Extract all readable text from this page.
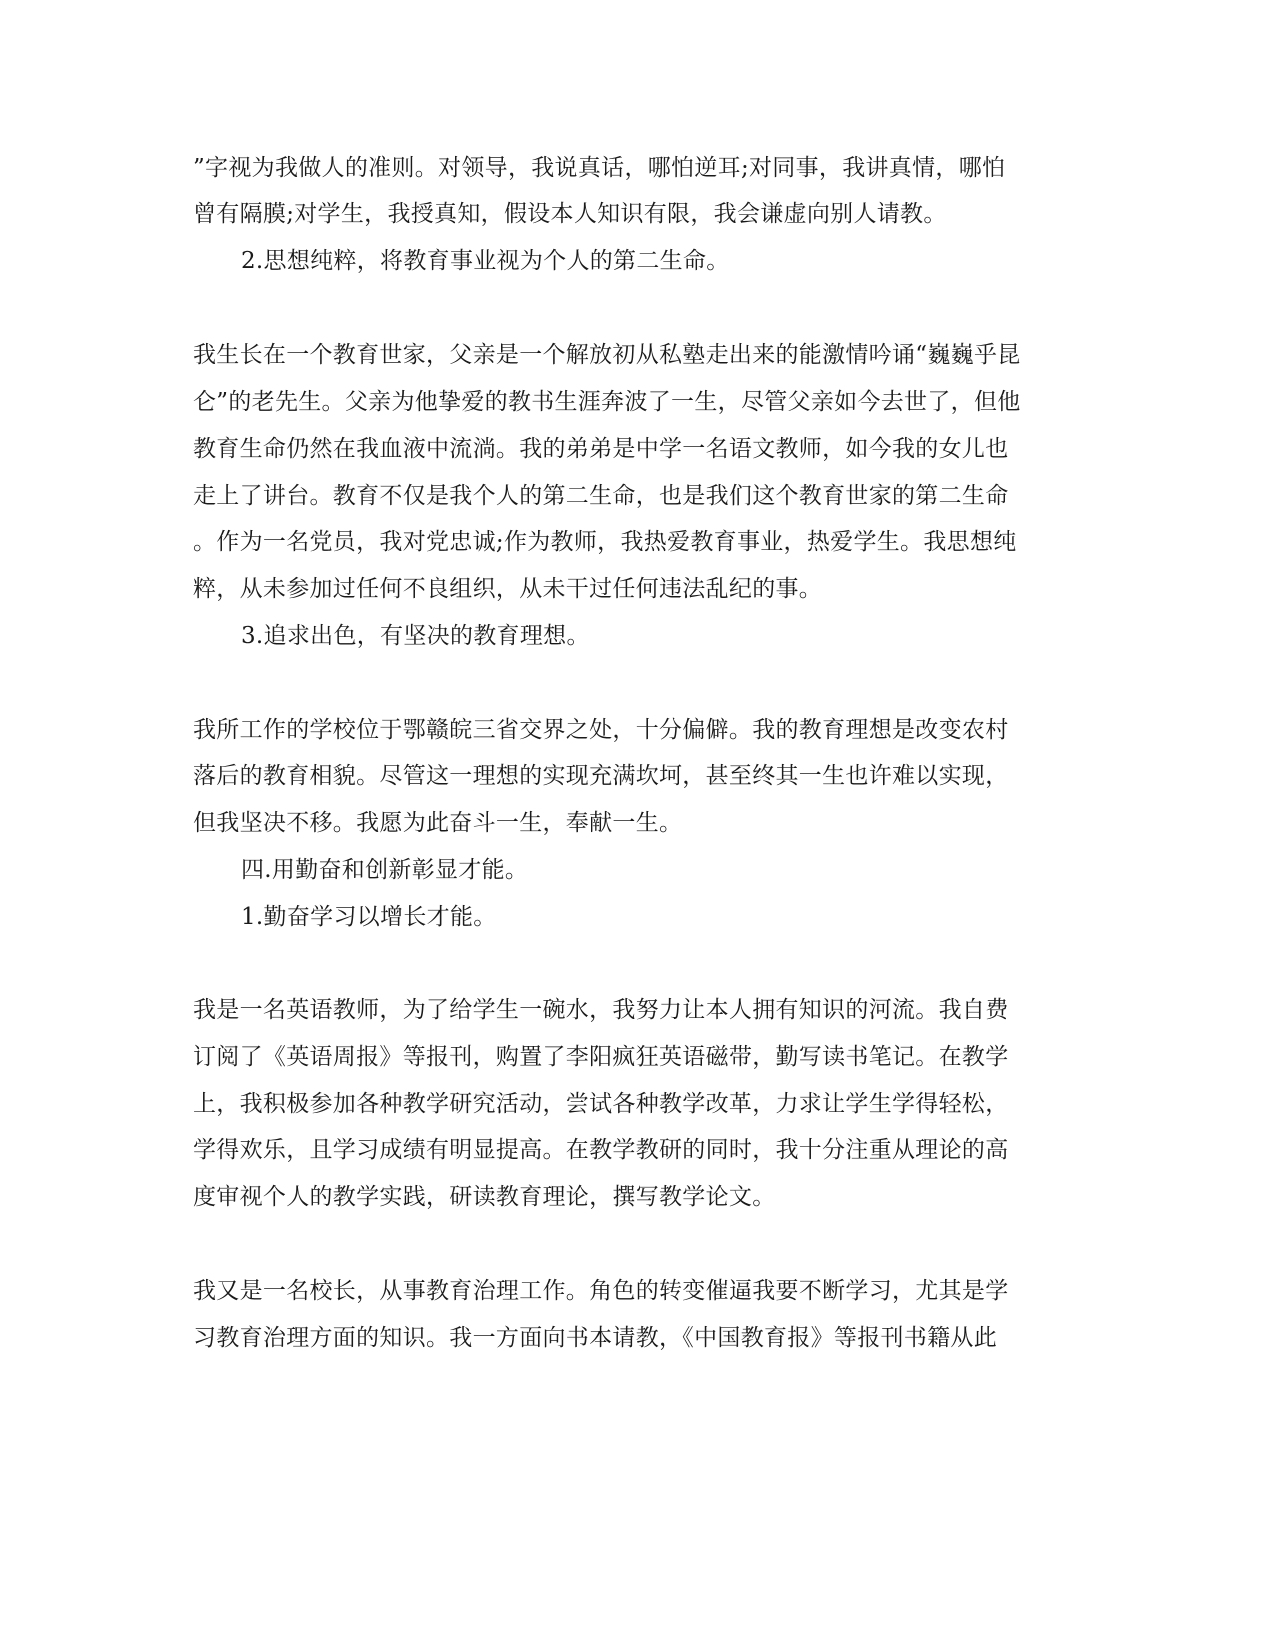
”字视为我做人的准则。对领导，我说真话，哪怕逆耳;对同事，我讲真情，哪怕
曾有隔膜;对学生，我授真知，假设本人知识有限，我会谦虚向别人请教。
2.思想纯粹，将教育事业视为个人的第二生命。
我生长在一个教育世家，父亲是一个解放初从私塾走出来的能激情吟诵“巍巍乎昆
仑”的老先生。父亲为他挚爱的教书生涯奔波了一生，尽管父亲如今去世了，但他
教育生命仍然在我血液中流淌。我的弟弟是中学一名语文教师，如今我的女儿也
走上了讲台。教育不仅是我个人的第二生命，也是我们这个教育世家的第二生命
。作为一名党员，我对党忠诚;作为教师，我热爱教育事业，热爱学生。我思想纯
粹，从未参加过任何不良组织，从未干过任何违法乱纪的事。
3.追求出色，有坚决的教育理想。
我所工作的学校位于鄂赣皖三省交界之处，十分偏僻。我的教育理想是改变农村
落后的教育相貌。尽管这一理想的实现充满坎坷，甚至终其一生也许难以实现，
但我坚决不移。我愿为此奋斗一生，奉献一生。
四.用勤奋和创新彰显才能。
1.勤奋学习以增长才能。
我是一名英语教师，为了给学生一碗水，我努力让本人拥有知识的河流。我自费
订阅了《英语周报》等报刊，购置了李阳疯狂英语磁带，勤写读书笔记。在教学
上，我积极参加各种教学研究活动，尝试各种教学改革，力求让学生学得轻松，
学得欢乐，且学习成绩有明显提高。在教学教研的同时，我十分注重从理论的高
度审视个人的教学实践，研读教育理论，撰写教学论文。
我又是一名校长，从事教育治理工作。角色的转变催逼我要不断学习，尤其是学
习教育治理方面的知识。我一方面向书本请教，《中国教育报》等报刊书籍从此
